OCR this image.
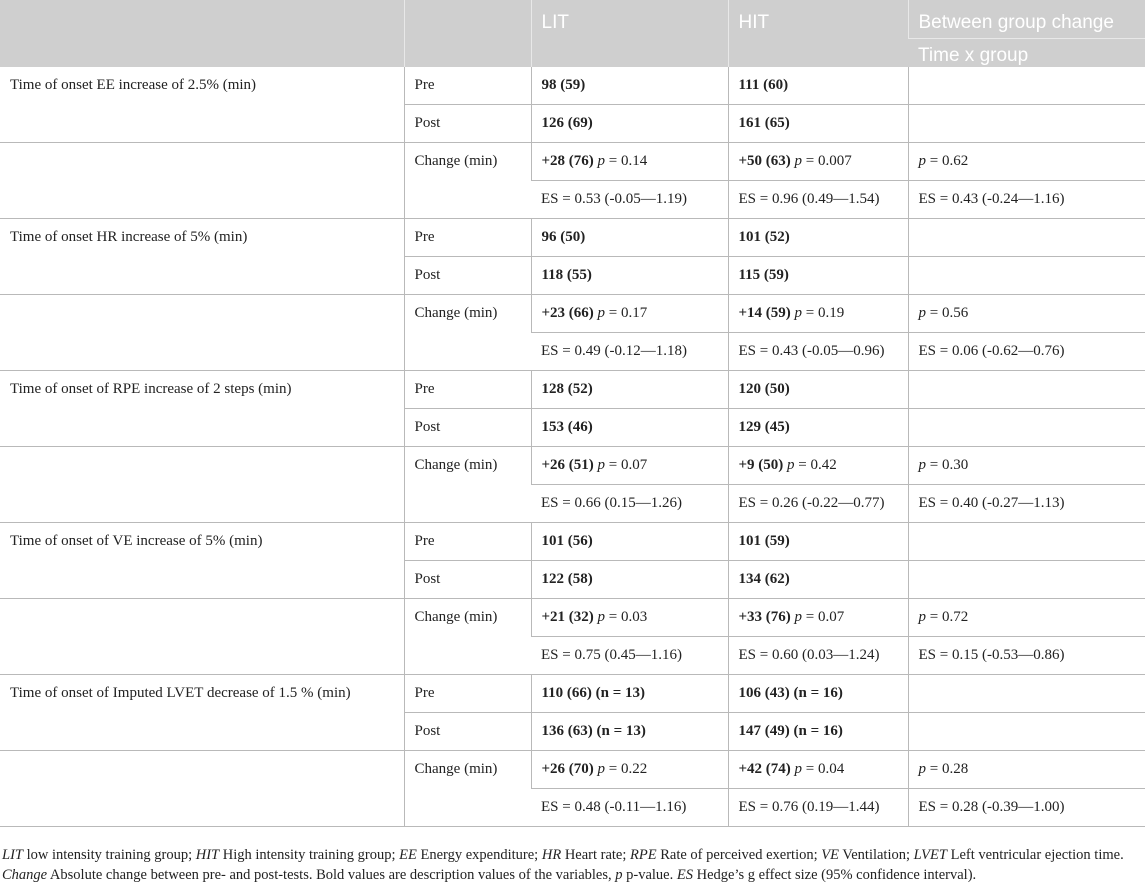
		LIT	HIT	Between group change
				Time x group
Time of onset EE increase of 2.5% (min)	Pre	98 (59)	111 (60)	
	Post	126 (69)	161 (65)	
	Change (min)	+28 (76) p = 0.14	+50 (63) p = 0.007	p = 0.62
		ES = 0.53 (-0.05—1.19)	ES = 0.96 (0.49—1.54)	ES = 0.43 (-0.24—1.16)
Time of onset HR increase of 5% (min)	Pre	96 (50)	101 (52)	
	Post	118 (55)	115 (59)	
	Change (min)	+23 (66) p = 0.17	+14 (59) p = 0.19	p = 0.56
		ES = 0.49 (-0.12—1.18)	ES = 0.43 (-0.05—0.96)	ES = 0.06 (-0.62—0.76)
Time of onset of RPE increase of 2 steps (min)	Pre	128 (52)	120 (50)	
	Post	153 (46)	129 (45)	
	Change (min)	+26 (51) p = 0.07	+9 (50) p = 0.42	p = 0.30
		ES = 0.66 (0.15—1.26)	ES = 0.26 (-0.22—0.77)	ES = 0.40 (-0.27—1.13)
Time of onset of VE increase of 5% (min)	Pre	101 (56)	101 (59)	
	Post	122 (58)	134 (62)	
	Change (min)	+21 (32) p = 0.03	+33 (76) p = 0.07	p = 0.72
		ES = 0.75 (0.45—1.16)	ES = 0.60 (0.03—1.24)	ES = 0.15 (-0.53—0.86)
Time of onset of Imputed LVET decrease of 1.5 % (min)	Pre	110 (66) (n = 13)	106 (43) (n = 16)	
	Post	136 (63) (n = 13)	147 (49) (n = 16)	
	Change (min)	+26 (70) p = 0.22	+42 (74) p = 0.04	p = 0.28
		ES = 0.48 (-0.11—1.16)	ES = 0.76 (0.19—1.44)	ES = 0.28 (-0.39—1.00)
LIT low intensity training group; HIT High intensity training group; EE Energy expenditure; HR Heart rate; RPE Rate of perceived exertion; VE Ventilation; LVET Left ventricular ejection time.
Change Absolute change between pre- and post-tests. Bold values are description values of the variables, p p-value. ES Hedge’s g effect size (95% confidence interval).
